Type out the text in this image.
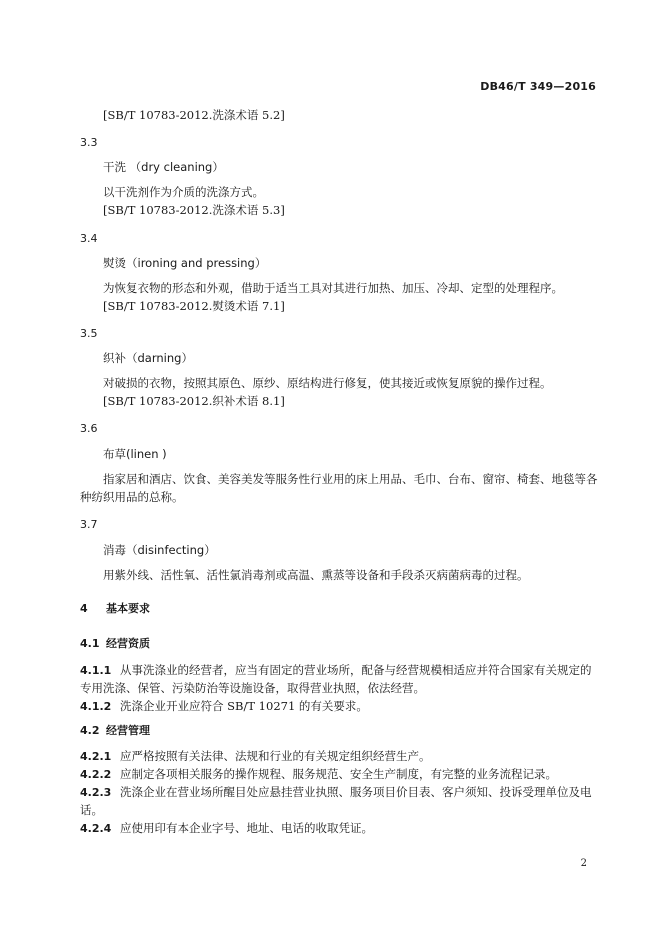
DB46/T 349—2016
[SB/T 10783-2012.洗涤术语 5.2]
3.3
干洗 （dry cleaning）
以干洗剂作为介质的洗涤方式。
[SB/T 10783-2012.洗涤术语 5.3]
3.4
熨烫（ironing and pressing）
为恢复衣物的形态和外观，借助于适当工具对其进行加热、加压、冷却、定型的处理程序。
[SB/T 10783-2012.熨烫术语 7.1]
3.5
织补（darning）
对破损的衣物，按照其原色、原纱、原结构进行修复，使其接近或恢复原貌的操作过程。
[SB/T 10783-2012.织补术语 8.1]
3.6
布草(linen )
指家居和酒店、饮食、美容美发等服务性行业用的床上用品、毛巾、台布、窗帘、椅套、地毯等各
种纺织用品的总称。
3.7
消毒（disinfecting）
用紫外线、活性氧、活性氯消毒剂或高温、熏蒸等设备和手段杀灭病菌病毒的过程。
4 基本要求
4.1 经营资质
4.1.1 从事洗涤业的经营者，应当有固定的营业场所，配备与经营规模相适应并符合国家有关规定的
专用洗涤、保管、污染防治等设施设备，取得营业执照，依法经营。
4.1.2 洗涤企业开业应符合 SB/T 10271 的有关要求。
4.2 经营管理
4.2.1 应严格按照有关法律、法规和行业的有关规定组织经营生产。
4.2.2 应制定各项相关服务的操作规程、服务规范、安全生产制度，有完整的业务流程记录。
4.2.3 洗涤企业在营业场所醒目处应悬挂营业执照、服务项目价目表、客户须知、投诉受理单位及电
话。
4.2.4 应使用印有本企业字号、地址、电话的收取凭证。
2
